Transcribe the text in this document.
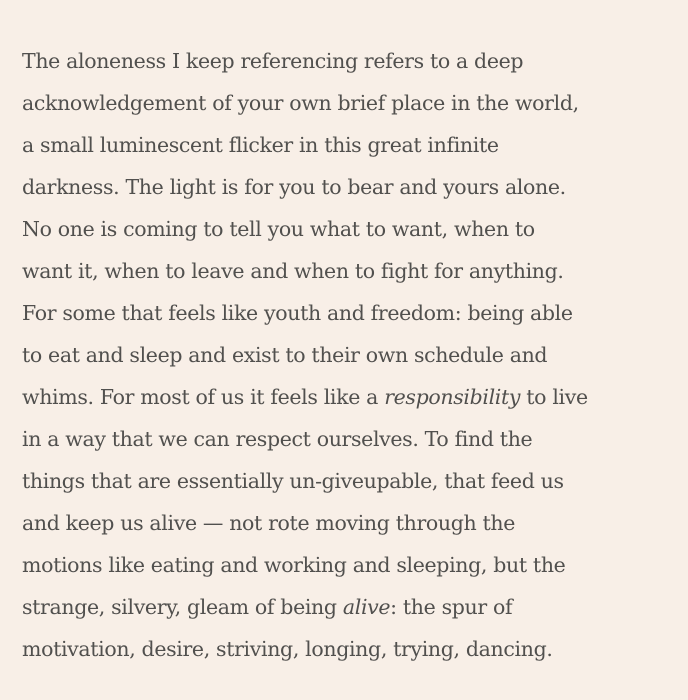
The aloneness I keep referencing refers to a deep
acknowledgement of your own brief place in the world,
a small luminescent flicker in this great infinite
darkness. The light is for you to bear and yours alone.
No one is coming to tell you what to want, when to
want it, when to leave and when to fight for anything.
For some that feels like youth and freedom: being able
to eat and sleep and exist to their own schedule and
whims. For most of us it feels like a responsibility to live
in a way that we can respect ourselves. To find the
things that are essentially un-giveupable, that feed us
and keep us alive — not rote moving through the
motions like eating and working and sleeping, but the
strange, silvery, gleam of being alive: the spur of
motivation, desire, striving, longing, trying, dancing.
